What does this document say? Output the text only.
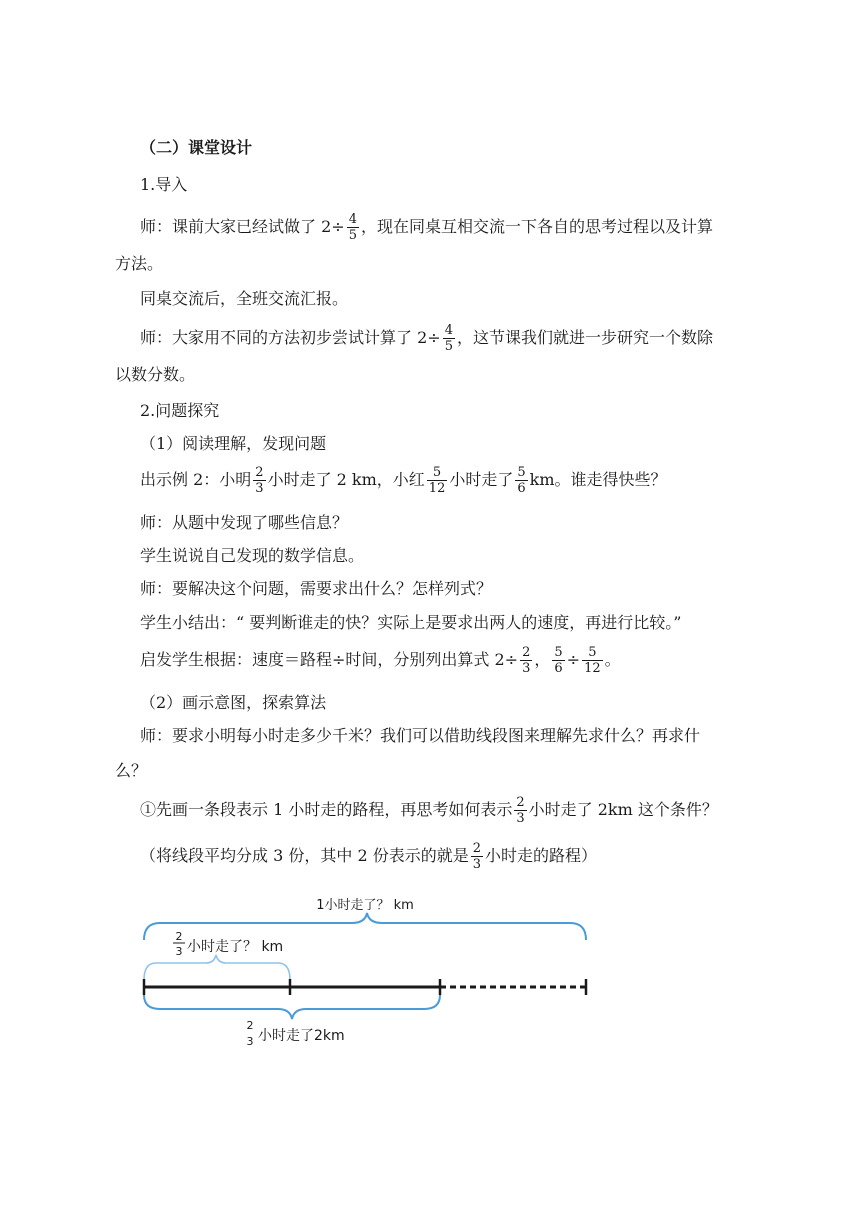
（二）课堂设计
1.导入
师：课前大家已经试做了 $2\div \frac{4}{5}$ ，现在同桌互相交流一下各自的思考过程以及计算
方法。
同桌交流后，全班交流汇报。
师：大家用不同的方法初步尝试计算了 $2\div \frac{4}{5}$ ，这节课我们就进一步研究一个数除
以数分数。
2.问题探究
（1）阅读理解，发现问题
出示例 2：小明 $\frac{2}{3}$ 小时走了 2 km，小红 $\frac{5}{12}$ 小时走了 $\frac{5}{6}$ km。谁走得快些？
师：从题中发现了哪些信息？
学生说说自己发现的数学信息。
师：要解决这个问题，需要求出什么？怎样列式？
学生小结出：“ 要判断谁走的快？实际上是要求出两人的速度，再进行比较。”
启发学生根据：速度＝路程÷时间，分别列出算式 $2\div \frac{2}{3}$ ， $\frac{5}{6} \div \frac{5}{12}$ 。
（2）画示意图，探索算法
师：要求小明每小时走多少千米？我们可以借助线段图来理解先求什么？再求什
么？
①先画一条段表示 1 小时走的路程，再思考如何表示 $\frac{2}{3}$ 小时走了 2km 这个条件？
（将线段平均分成 3 份，其中 2 份表示的就是 $\frac{2}{3}$ 小时走的路程）
1小时走了？ km
2
3 小时走了？ km
2
3 小时走了2km
